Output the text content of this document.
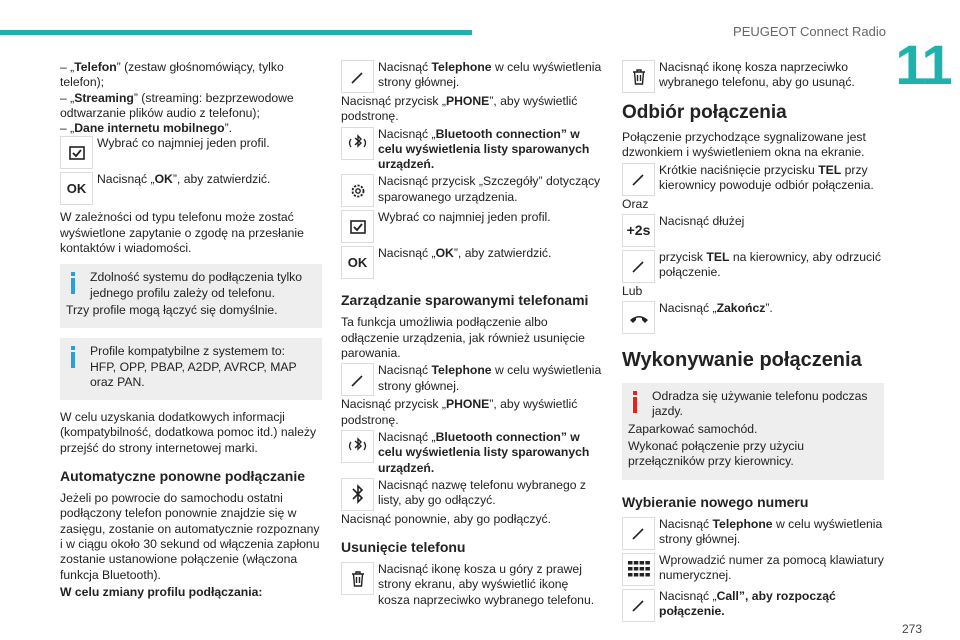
PEUGEOT Connect Radio
11
273

– „Telefon” (zestaw głośnomówiący, tylko telefon);

– „Streaming” (streaming: bezprzewodowe odtwarzanie plików audio z telefonu);

– „Dane internetu mobilnego”.

Wybrać co najmniej jeden profil.
OK
Nacisnąć „OK”, aby zatwierdzić.

W zależności od typu telefonu może zostać wyświetlone zapytanie o zgodę na przesłanie kontaktów i wiadomości.

Zdolność systemu do podłączenia tylko jednego profilu zależy od telefonu.

Trzy profile mogą łączyć się domyślnie.

Profile kompatybilne z systemem to: HFP, OPP, PBAP, A2DP, AVRCP, MAP oraz PAN.

W celu uzyskania dodatkowych informacji (kompatybilność, dodatkowa pomoc itd.) należy przejść do strony internetowej marki.

Automatyczne ponowne podłączanie

Jeżeli po powrocie do samochodu ostatni podłączony telefon ponownie znajdzie się w zasięgu, zostanie on automatycznie rozpoznany i w ciągu około 30 sekund od włączenia zapłonu zostanie ustanowione połączenie (włączona funkcja Bluetooth).

W celu zmiany profilu podłączania:

Nacisnąć Telephone w celu wyświetlenia strony głównej.

Nacisnąć przycisk „PHONE”, aby wyświetlić podstronę.

Nacisnąć „Bluetooth connection” w celu wyświetlenia listy sparowanych urządzeń.
Nacisnąć przycisk „Szczegóły” dotyczący sparowanego urządzenia.
Wybrać co najmniej jeden profil.
OK
Nacisnąć „OK”, aby zatwierdzić.
Zarządzanie sparowanymi telefonami

Ta funkcja umożliwia podłączenie albo odłączenie urządzenia, jak również usunięcie parowania.

Nacisnąć Telephone w celu wyświetlenia strony głównej.

Nacisnąć przycisk „PHONE”, aby wyświetlić podstronę.

Nacisnąć „Bluetooth connection” w celu wyświetlenia listy sparowanych urządzeń.
Nacisnąć nazwę telefonu wybranego z listy, aby go odłączyć.

Nacisnąć ponownie, aby go podłączyć.

Usunięcie telefonu
Nacisnąć ikonę kosza u góry z prawej strony ekranu, aby wyświetlić ikonę kosza naprzeciwko wybranego telefonu.
Nacisnąć ikonę kosza naprzeciwko wybranego telefonu, aby go usunąć.
Odbiór połączenia

Połączenie przychodzące sygnalizowane jest dzwonkiem i wyświetleniem okna na ekranie.

Krótkie naciśnięcie przycisku TEL przy kierownicy powoduje odbiór połączenia.

Oraz

+ 2s
Nacisnąć dłużej
przycisk TEL na kierownicy, aby odrzucić połączenie.

Lub

Nacisnąć „Zakończ”.
Wykonywanie połączenia

Odradza się używanie telefonu podczas jazdy.

Zaparkować samochód.

Wykonać połączenie przy użyciu przełączników przy kierownicy.

Wybieranie nowego numeru
Nacisnąć Telephone w celu wyświetlenia strony głównej.
Wprowadzić numer za pomocą klawiatury numerycznej.
Nacisnąć „Call”, aby rozpocząć połączenie.
